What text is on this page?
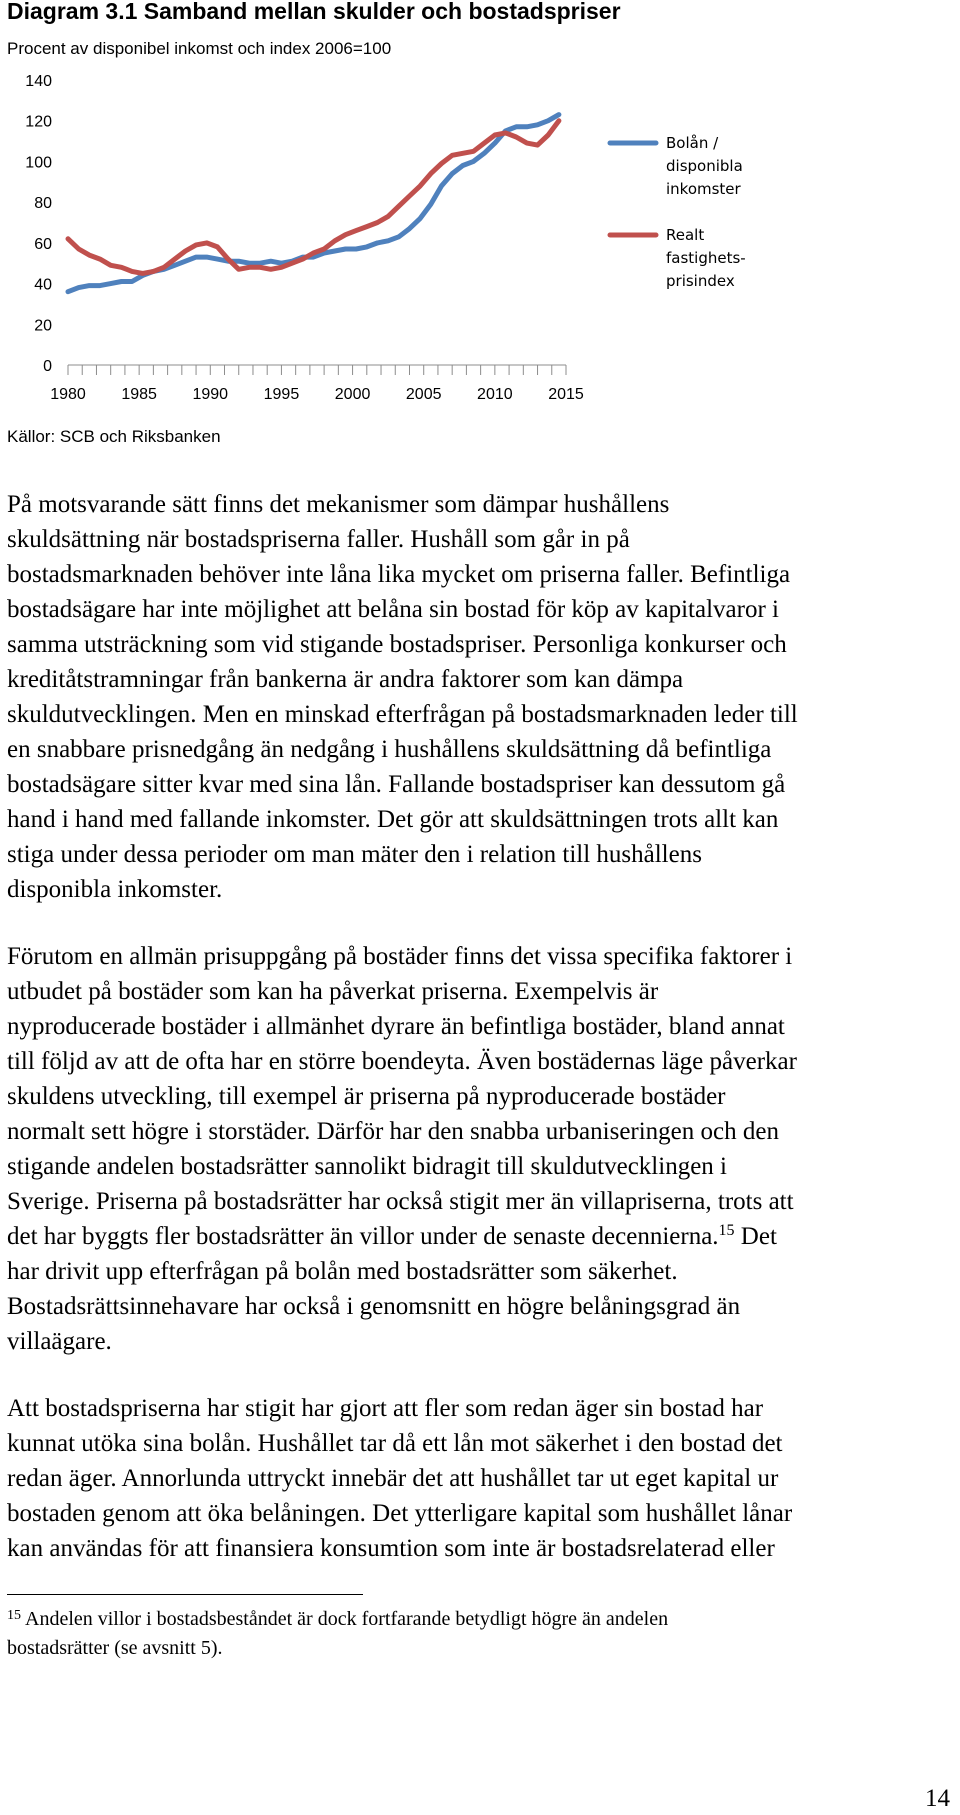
Diagram 3.1 Samband mellan skulder och bostadspriser
Procent av disponibel inkomst och index 2006=100
0
20
40
60
80
100
120
140
1980 1985 1990 1995 2000 2005 2010 2015
Bolån /
disponibla
inkomster
Realt
fastighets-
prisindex
Källor: SCB och Riksbanken
På motsvarande sätt finns det mekanismer som dämpar hushållens
skuldsättning när bostadspriserna faller. Hushåll som går in på
bostadsmarknaden behöver inte låna lika mycket om priserna faller. Befintliga
bostadsägare har inte möjlighet att belåna sin bostad för köp av kapitalvaror i
samma utsträckning som vid stigande bostadspriser. Personliga konkurser och
kreditåtstramningar från bankerna är andra faktorer som kan dämpa
skuldutvecklingen. Men en minskad efterfrågan på bostadsmarknaden leder till
en snabbare prisnedgång än nedgång i hushållens skuldsättning då befintliga
bostadsägare sitter kvar med sina lån. Fallande bostadspriser kan dessutom gå
hand i hand med fallande inkomster. Det gör att skuldsättningen trots allt kan
stiga under dessa perioder om man mäter den i relation till hushållens
disponibla inkomster.
Förutom en allmän prisuppgång på bostäder finns det vissa specifika faktorer i
utbudet på bostäder som kan ha påverkat priserna. Exempelvis är
nyproducerade bostäder i allmänhet dyrare än befintliga bostäder, bland annat
till följd av att de ofta har en större boendeyta. Även bostädernas läge påverkar
skuldens utveckling, till exempel är priserna på nyproducerade bostäder
normalt sett högre i storstäder. Därför har den snabba urbaniseringen och den
stigande andelen bostadsrätter sannolikt bidragit till skuldutvecklingen i
Sverige. Priserna på bostadsrätter har också stigit mer än villapriserna, trots att
det har byggts fler bostadsrätter än villor under de senaste decennierna.$^{15}$ Det
har drivit upp efterfrågan på bolån med bostadsrätter som säkerhet.
Bostadsrättsinnehavare har också i genomsnitt en högre belåningsgrad än
villaägare.
Att bostadspriserna har stigit har gjort att fler som redan äger sin bostad har
kunnat utöka sina bolån. Hushållet tar då ett lån mot säkerhet i den bostad det
redan äger. Annorlunda uttryckt innebär det att hushållet tar ut eget kapital ur
bostaden genom att öka belåningen. Det ytterligare kapital som hushållet lånar
kan användas för att finansiera konsumtion som inte är bostadsrelaterad eller
$^{15}$ Andelen villor i bostadsbeståndet är dock fortfarande betydligt högre än andelen
bostadsrätter (se avsnitt 5).
14
